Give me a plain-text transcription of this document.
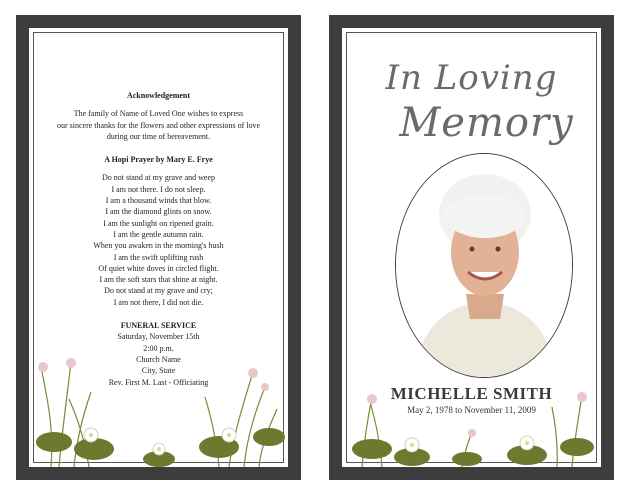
Acknowledgement

The family of Name of Loved One wishes to express

our sincere thanks for the flowers and other expressions of love

during our time of bereavement.

A Hopi Prayer by Mary E. Frye

Do not stand at my grave and weep

I am not there. I do not sleep.

I am a thousand winds that blow.

I am the diamond glints on snow.

I am the sunlight on ripened grain.

I am the gentle autumn rain.

When you awaken in the morning's hush

I am the swift uplifting rush

Of quiet white doves in circled flight.

I am the soft stars that shine at night.

Do not stand at my grave and cry;

I am not there, I did not die.

FUNERAL SERVICE

Saturday, November 15th

2:00 p.m.

Church Name

City, State

Rev. First M. Last - Officiating

In Loving
Memory
MICHELLE SMITH
May 2, 1978 to November 11, 2009
